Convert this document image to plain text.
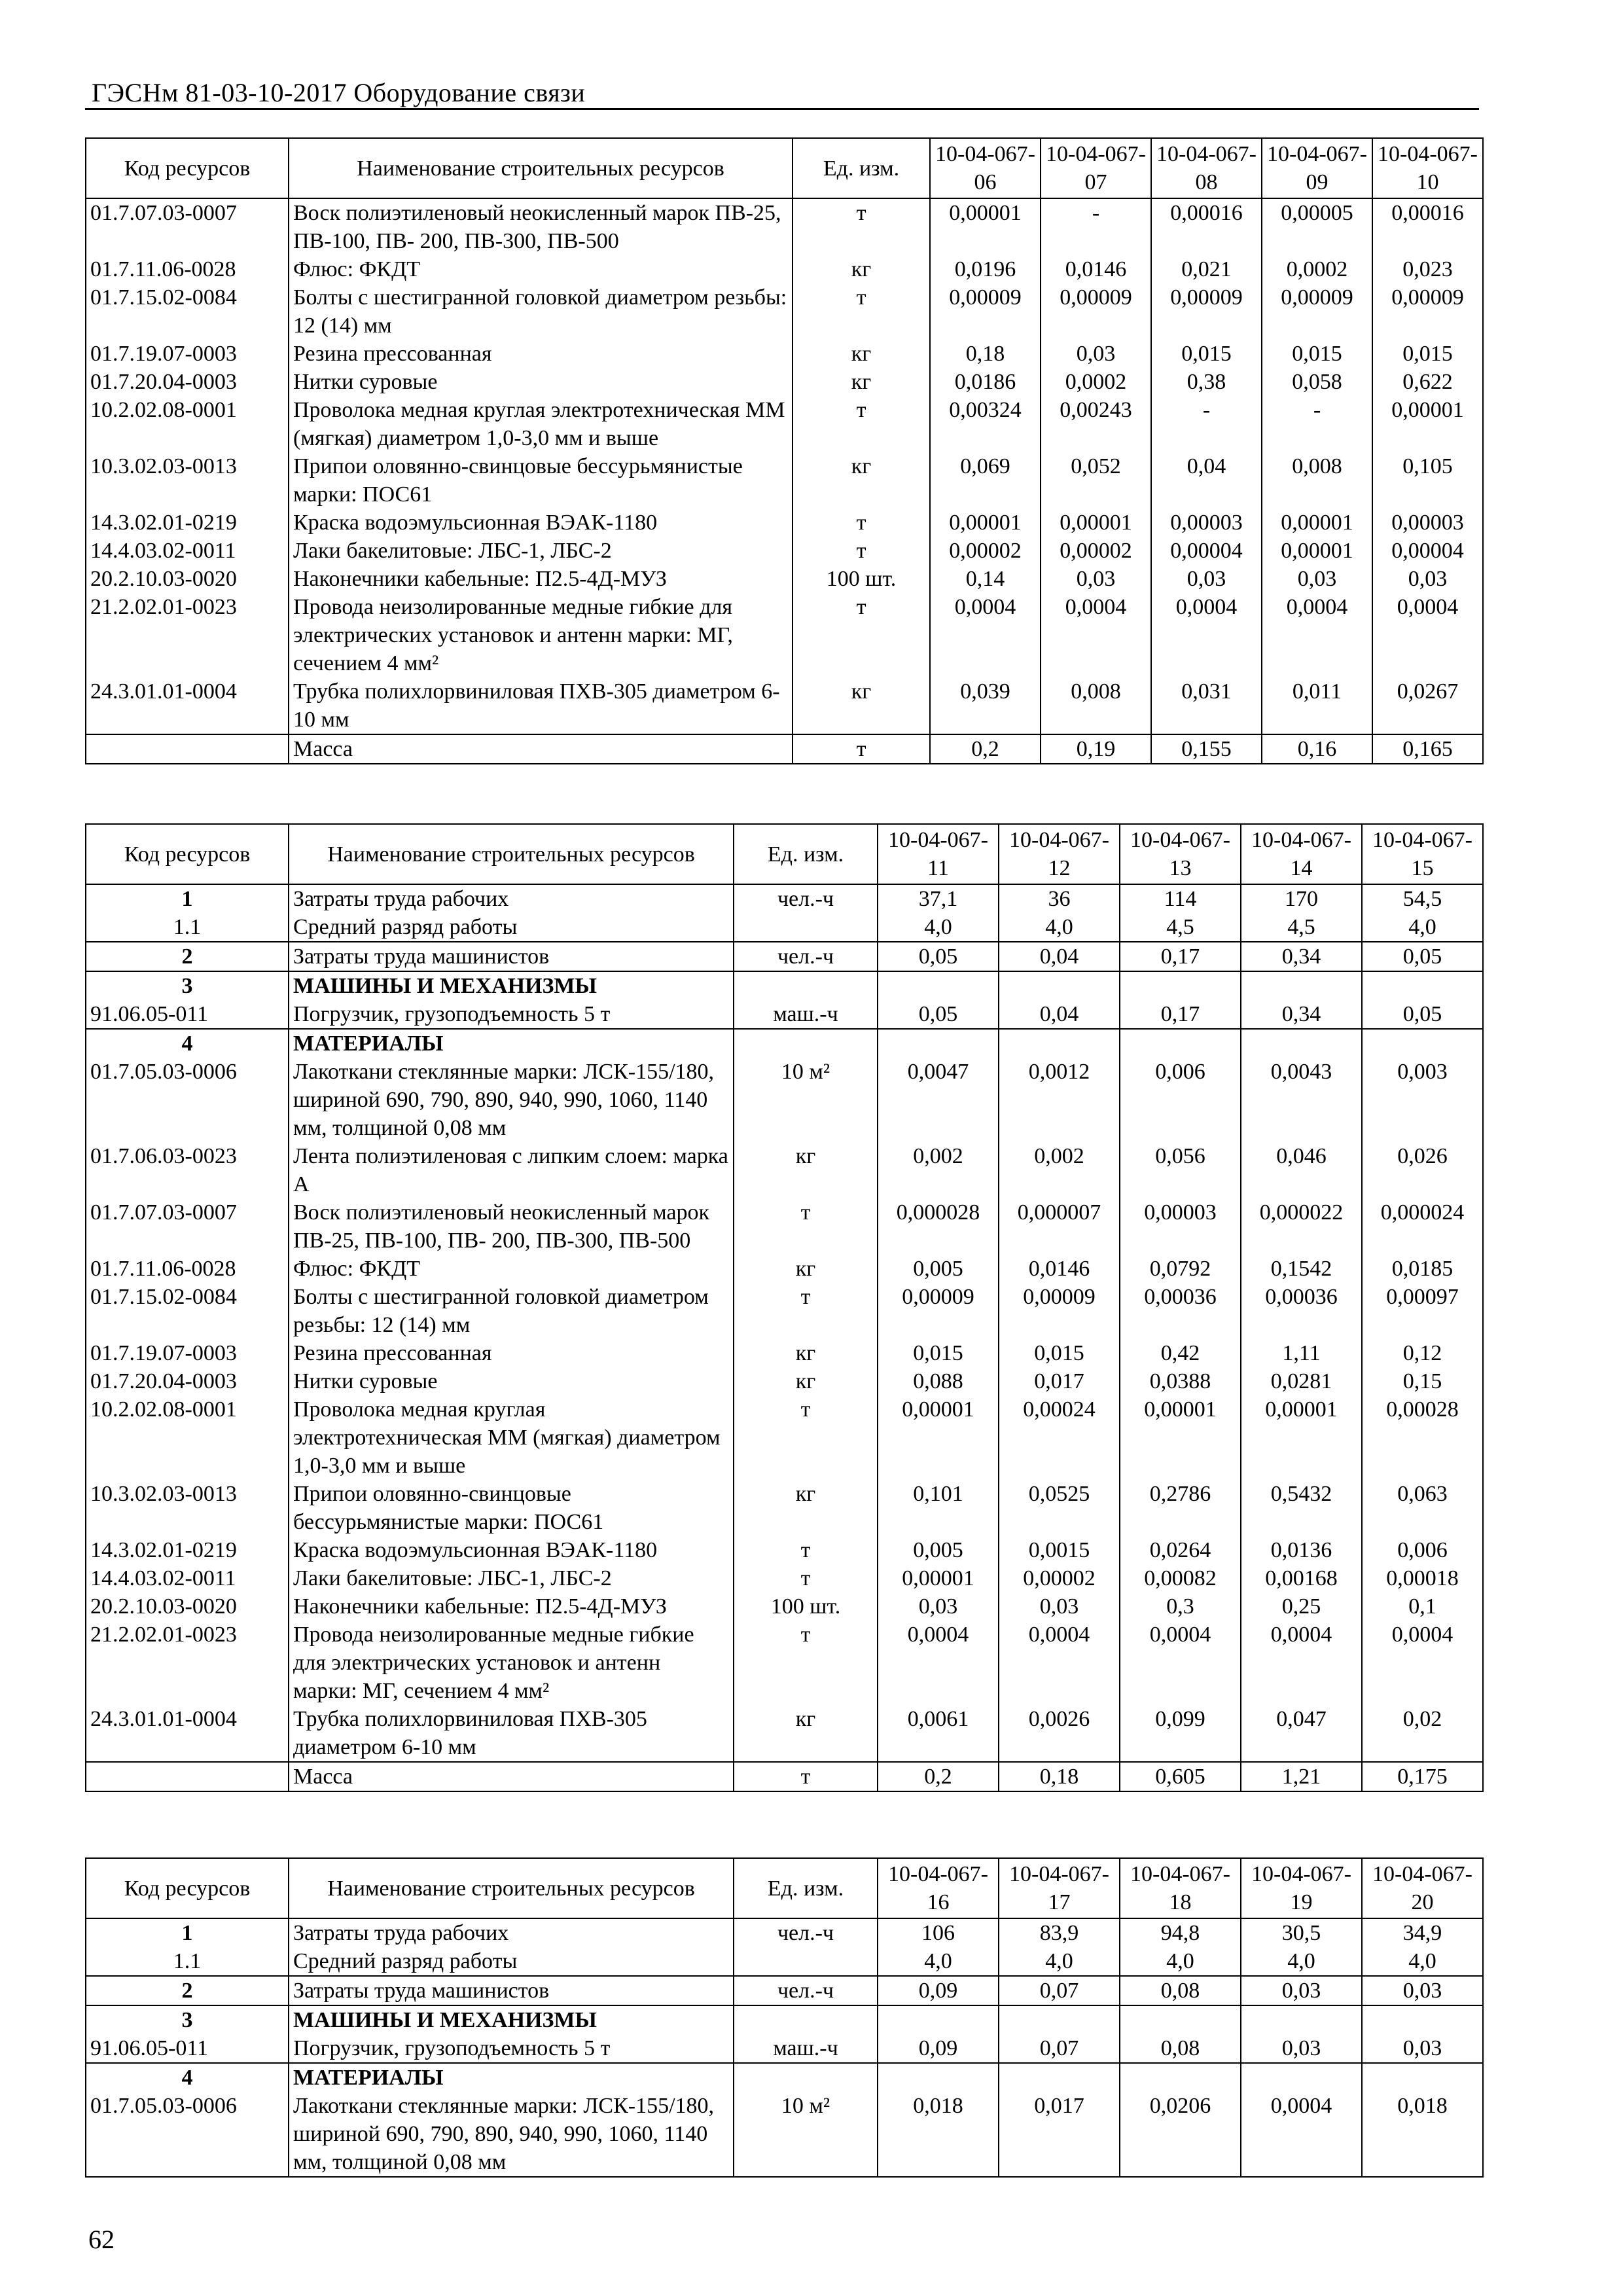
ГЭСНм 81-03-10-2017 Оборудование связи
Код ресурсов	Наименование строительных ресурсов	Ед. изм.	10-04-067-06	10-04-067-07	10-04-067-08	10-04-067-09	10-04-067-10
01.7.07.03-0007	Воск полиэтиленовый неокисленный марок ПВ-25, ПВ-100, ПВ- 200, ПВ-300, ПВ-500	т	0,00001	-	0,00016	0,00005	0,00016
01.7.11.06-0028	Флюс: ФКДТ	кг	0,0196	0,0146	0,021	0,0002	0,023
01.7.15.02-0084	Болты с шестигранной головкой диаметром резьбы: 12 (14) мм	т	0,00009	0,00009	0,00009	0,00009	0,00009
01.7.19.07-0003	Резина прессованная	кг	0,18	0,03	0,015	0,015	0,015
01.7.20.04-0003	Нитки суровые	кг	0,0186	0,0002	0,38	0,058	0,622
10.2.02.08-0001	Проволока медная круглая электротехническая ММ (мягкая) диаметром 1,0-3,0 мм и выше	т	0,00324	0,00243	-	-	0,00001
10.3.02.03-0013	Припои оловянно-свинцовые бессурьмянистые марки: ПОС61	кг	0,069	0,052	0,04	0,008	0,105
14.3.02.01-0219	Краска водоэмульсионная ВЭАК-1180	т	0,00001	0,00001	0,00003	0,00001	0,00003
14.4.03.02-0011	Лаки бакелитовые: ЛБС-1, ЛБС-2	т	0,00002	0,00002	0,00004	0,00001	0,00004
20.2.10.03-0020	Наконечники кабельные: П2.5-4Д-МУЗ	100 шт.	0,14	0,03	0,03	0,03	0,03
21.2.02.01-0023	Провода неизолированные медные гибкие для электрических установок и антенн марки: МГ, сечением 4 мм²	т	0,0004	0,0004	0,0004	0,0004	0,0004
24.3.01.01-0004	Трубка полихлорвиниловая ПХВ-305 диаметром 6-10 мм	кг	0,039	0,008	0,031	0,011	0,0267
	Масса	т	0,2	0,19	0,155	0,16	0,165
Код ресурсов	Наименование строительных ресурсов	Ед. изм.	10-04-067-11	10-04-067-12	10-04-067-13	10-04-067-14	10-04-067-15
1	Затраты труда рабочих	чел.-ч	37,1	36	114	170	54,5
1.1	Средний разряд работы		4,0	4,0	4,5	4,5	4,0
2	Затраты труда машинистов	чел.-ч	0,05	0,04	0,17	0,34	0,05
3	МАШИНЫ И МЕХАНИЗМЫ						
91.06.05-011	Погрузчик, грузоподъемность 5 т	маш.-ч	0,05	0,04	0,17	0,34	0,05
4	МАТЕРИАЛЫ						
01.7.05.03-0006	Лакоткани стеклянные марки: ЛСК-155/180, шириной 690, 790, 890, 940, 990, 1060, 1140 мм, толщиной 0,08 мм	10 м²	0,0047	0,0012	0,006	0,0043	0,003
01.7.06.03-0023	Лента полиэтиленовая с липким слоем: марка А	кг	0,002	0,002	0,056	0,046	0,026
01.7.07.03-0007	Воск полиэтиленовый неокисленный марок ПВ-25, ПВ-100, ПВ- 200, ПВ-300, ПВ-500	т	0,000028	0,000007	0,00003	0,000022	0,000024
01.7.11.06-0028	Флюс: ФКДТ	кг	0,005	0,0146	0,0792	0,1542	0,0185
01.7.15.02-0084	Болты с шестигранной головкой диаметром резьбы: 12 (14) мм	т	0,00009	0,00009	0,00036	0,00036	0,00097
01.7.19.07-0003	Резина прессованная	кг	0,015	0,015	0,42	1,11	0,12
01.7.20.04-0003	Нитки суровые	кг	0,088	0,017	0,0388	0,0281	0,15
10.2.02.08-0001	Проволока медная круглая электротехническая ММ (мягкая) диаметром 1,0-3,0 мм и выше	т	0,00001	0,00024	0,00001	0,00001	0,00028
10.3.02.03-0013	Припои оловянно-свинцовые бессурьмянистые марки: ПОС61	кг	0,101	0,0525	0,2786	0,5432	0,063
14.3.02.01-0219	Краска водоэмульсионная ВЭАК-1180	т	0,005	0,0015	0,0264	0,0136	0,006
14.4.03.02-0011	Лаки бакелитовые: ЛБС-1, ЛБС-2	т	0,00001	0,00002	0,00082	0,00168	0,00018
20.2.10.03-0020	Наконечники кабельные: П2.5-4Д-МУЗ	100 шт.	0,03	0,03	0,3	0,25	0,1
21.2.02.01-0023	Провода неизолированные медные гибкие для электрических установок и антенн марки: МГ, сечением 4 мм²	т	0,0004	0,0004	0,0004	0,0004	0,0004
24.3.01.01-0004	Трубка полихлорвиниловая ПХВ-305 диаметром 6-10 мм	кг	0,0061	0,0026	0,099	0,047	0,02
	Масса	т	0,2	0,18	0,605	1,21	0,175
Код ресурсов	Наименование строительных ресурсов	Ед. изм.	10-04-067-16	10-04-067-17	10-04-067-18	10-04-067-19	10-04-067-20
1	Затраты труда рабочих	чел.-ч	106	83,9	94,8	30,5	34,9
1.1	Средний разряд работы		4,0	4,0	4,0	4,0	4,0
2	Затраты труда машинистов	чел.-ч	0,09	0,07	0,08	0,03	0,03
3	МАШИНЫ И МЕХАНИЗМЫ						
91.06.05-011	Погрузчик, грузоподъемность 5 т	маш.-ч	0,09	0,07	0,08	0,03	0,03
4	МАТЕРИАЛЫ						
01.7.05.03-0006	Лакоткани стеклянные марки: ЛСК-155/180, шириной 690, 790, 890, 940, 990, 1060, 1140 мм, толщиной 0,08 мм	10 м²	0,018	0,017	0,0206	0,0004	0,018
62
